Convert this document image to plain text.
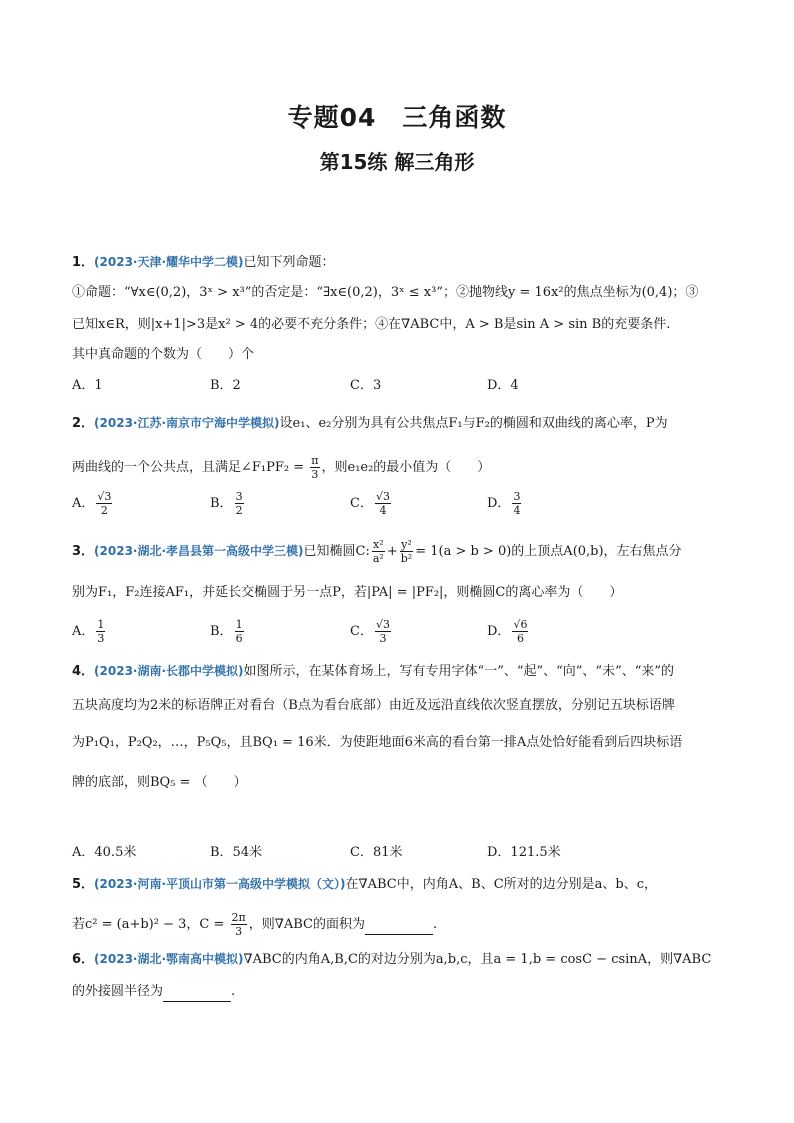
专题04　三角函数
第15练 解三角形
1．(2023·天津·耀华中学二模)已知下列命题：
①命题：“∀x∈(0,2)，3ˣ > x³”的否定是：“∃x∈(0,2)，3ˣ ≤ x³”；②抛物线y = 16x²的焦点坐标为(0,4)；③
已知x∈R，则|x+1|>3是x² > 4的必要不充分条件；④在∇ABC中，A > B是sin A > sin B的充要条件.
其中真命题的个数为（　　）个
A．1	B．2	C．3	D．4
2．(2023·江苏·南京市宁海中学模拟)设e₁、e₂分别为具有公共焦点F₁与F₂的椭圆和双曲线的离心率，P为
两曲线的一个公共点，且满足∠F₁PF₂ = $\frac{\pi}{3}$ ，则e₁e₂的最小值为（　　）
A． $\frac{√3}{2}$	B． $\frac{3}{2}$	C． $\frac{√3}{4}$	D． $\frac{3}{4}$
3．(2023·湖北·孝昌县第一高级中学三模)已知椭圆C: $\frac{\text{x²}}{\text{a²}} + \frac{\text{y²}}{\text{b²}} = 1(a > b > 0)$的上顶点A(0,b)，左右焦点分
别为F₁，F₂连接AF₁，并延长交椭圆于另一点P，若|PA| = |PF₂|，则椭圆C的离心率为（　　）
A． $\frac{1}{3}$	B． $\frac{1}{6}$	C． $\frac{√3}{3}$	D． $\frac{√6}{6}$
4．(2023·湖南·长郡中学模拟)如图所示，在某体育场上，写有专用字体“一”、“起”、“向”、“未”、“来”的
五块高度均为2米的标语牌正对看台（B点为看台底部）由近及远沿直线依次竖直摆放，分别记五块标语牌
为P₁Q₁，P₂Q₂，…，P₅Q₅，且BQ₁ = 16米．为使距地面6米高的看台第一排A点处恰好能看到后四块标语
牌的底部，则BQ₅ = （　　）
A．40.5米	B．54米	C．81米	D．121.5米
5．(2023·河南·平顶山市第一高级中学模拟（文）)在∇ABC中，内角A、B、C所对的边分别是a、b、c，
若c² = (a+b)² − 3，$C = \frac{2\pi}{3}$ ，则∇ABC的面积为	.
6．(2023·湖北·鄂南高中模拟)∇ABC的内角A,B,C的对边分别为a,b,c，且a = 1,b = cosC − csinA，则∇ABC
的外接圆半径为	.
